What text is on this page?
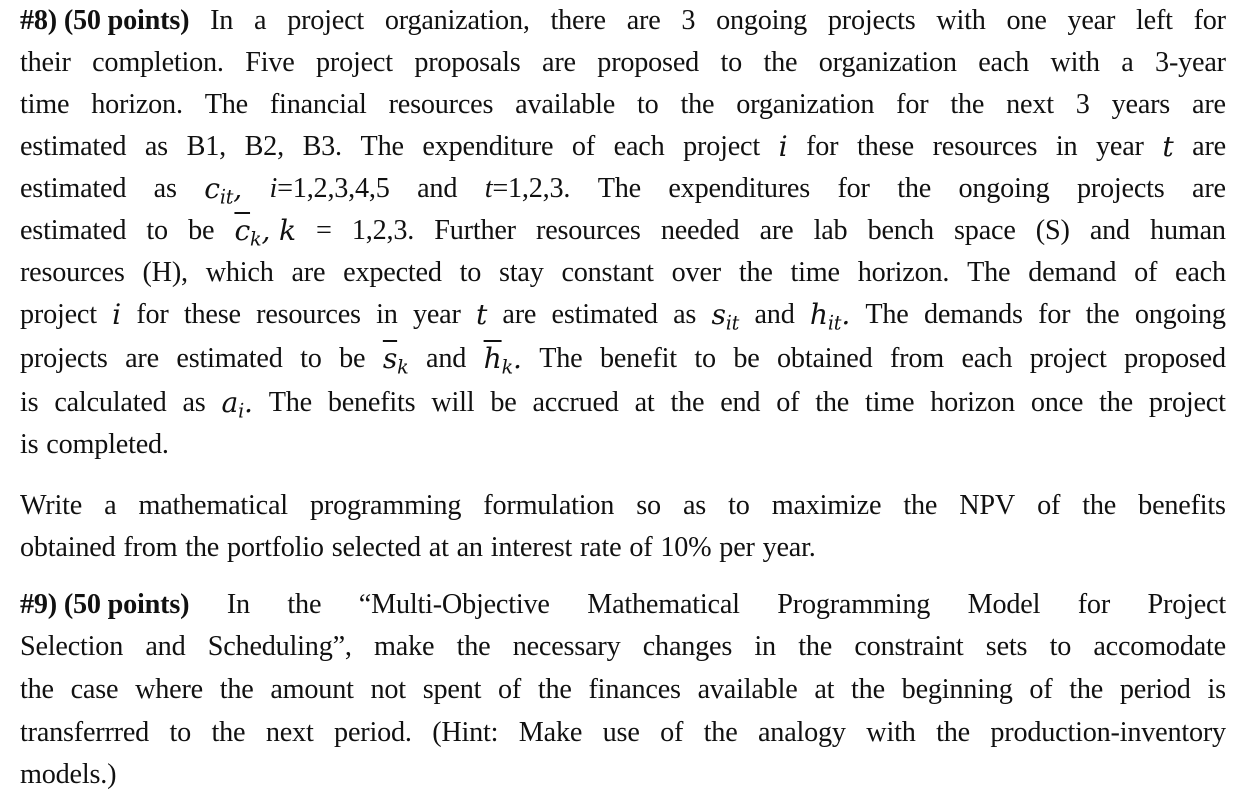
#8) (50 points) In a project organization, there are 3 ongoing projects with one year left for
their completion. Five project proposals are proposed to the organization each with a 3-year
time horizon. The financial resources available to the organization for the next 3 years are
estimated as B1, B2, B3. The expenditure of each project i for these resources in year t are
estimated as $c_{it}$, i=1,2,3,4,5 and t=1,2,3. The expenditures for the ongoing projects are
estimated to be $\overline{c}_k$, k = 1,2,3. Further resources needed are lab bench space (S) and human
resources (H), which are expected to stay constant over the time horizon. The demand of each
project i for these resources in year t are estimated as $s_{it}$ and $h_{it}$. The demands for the ongoing
projects are estimated to be $\overline{s}_k$ and $\overline{h}_k$. The benefit to be obtained from each project proposed
is calculated as $a_i$. The benefits will be accrued at the end of the time horizon once the project
is completed.
Write a mathematical programming formulation so as to maximize the NPV of the benefits
obtained from the portfolio selected at an interest rate of 10% per year.
#9) (50 points) In the “Multi-Objective Mathematical Programming Model for Project
Selection and Scheduling”, make the necessary changes in the constraint sets to accomodate
the case where the amount not spent of the finances available at the beginning of the period is
transferrred to the next period. (Hint: Make use of the analogy with the production-inventory
models.)
